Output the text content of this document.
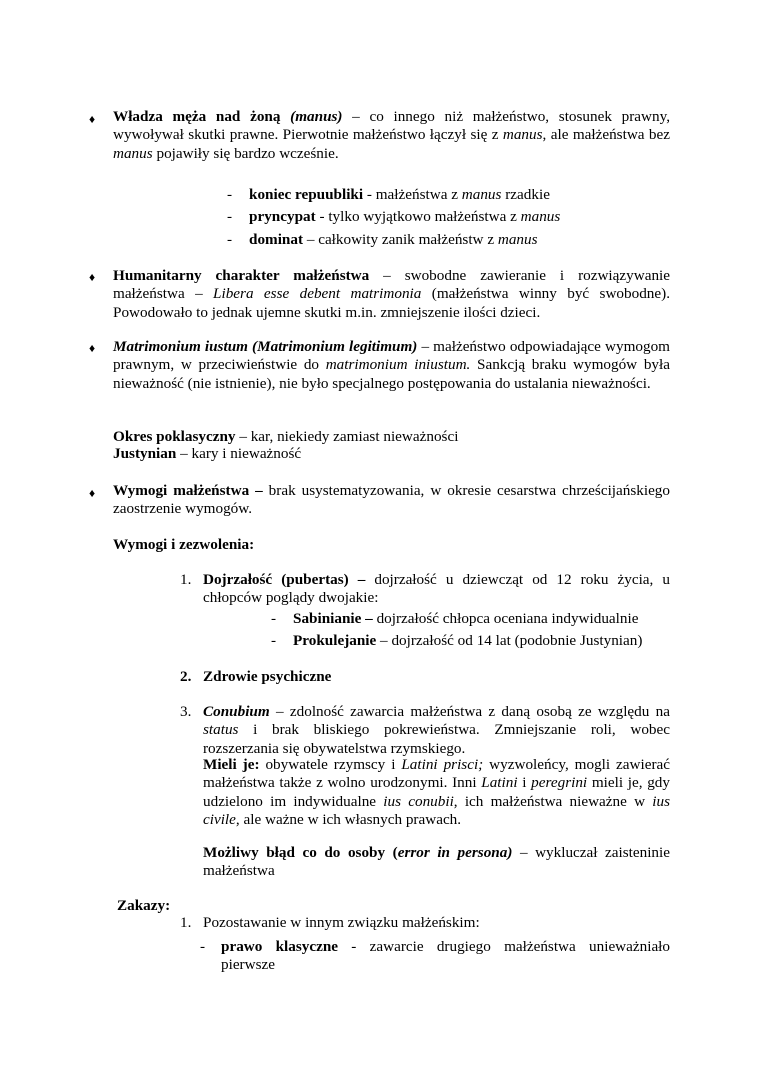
♦ Władza męża nad żoną (manus) – co innego niż małżeństwo, stosunek prawny, wywoływał skutki prawne. Pierwotnie małżeństwo łączył się z manus, ale małżeństwa bez manus pojawiły się bardzo wcześnie.

- koniec repuubliki - małżeństwa z manus rzadkie

- pryncypat - tylko wyjątkowo małżeństwa z manus

- dominat – całkowity zanik małżeństw z manus

♦ Humanitarny charakter małżeństwa – swobodne zawieranie i rozwiązywanie małżeństwa – Libera esse debent matrimonia (małżeństwa winny być swobodne). Powodowało to jednak ujemne skutki m.in. zmniejszenie ilości dzieci.

♦ Matrimonium iustum (Matrimonium legitimum) – małżeństwo odpowiadające wymogom prawnym, w przeciwieństwie do matrimonium iniustum. Sankcją braku wymogów była nieważność (nie istnienie), nie było specjalnego postępowania do ustalania nieważności.

Okres poklasyczny – kar, niekiedy zamiast nieważności

Justynian – kary i nieważność

♦ Wymogi małżeństwa – brak usystematyzowania, w okresie cesarstwa chrześcijańskiego zaostrzenie wymogów.

Wymogi i zezwolenia:

1. Dojrzałość (pubertas) – dojrzałość u dziewcząt od 12 roku życia, u chłopców poglądy dwojakie:

- Sabinianie – dojrzałość chłopca oceniana indywidualnie

- Prokulejanie – dojrzałość od 14 lat (podobnie Justynian)

2. Zdrowie psychiczne

3. Conubium – zdolność zawarcia małżeństwa z daną osobą ze względu na status i brak bliskiego pokrewieństwa. Zmniejszanie roli, wobec rozszerzania się obywatelstwa rzymskiego.

Mieli je: obywatele rzymscy i Latini prisci; wyzwoleńcy, mogli zawierać małżeństwa także z wolno urodzonymi. Inni Latini i peregrini mieli je, gdy udzielono im indywidualne ius conubii, ich małżeństwa nieważne w ius civile, ale ważne w ich własnych prawach.

Możliwy błąd co do osoby (error in persona) – wykluczał zaisteninie małżeństwa

Zakazy:

1. Pozostawanie w innym związku małżeńskim:

- prawo klasyczne - zawarcie drugiego małżeństwa unieważniało pierwsze
